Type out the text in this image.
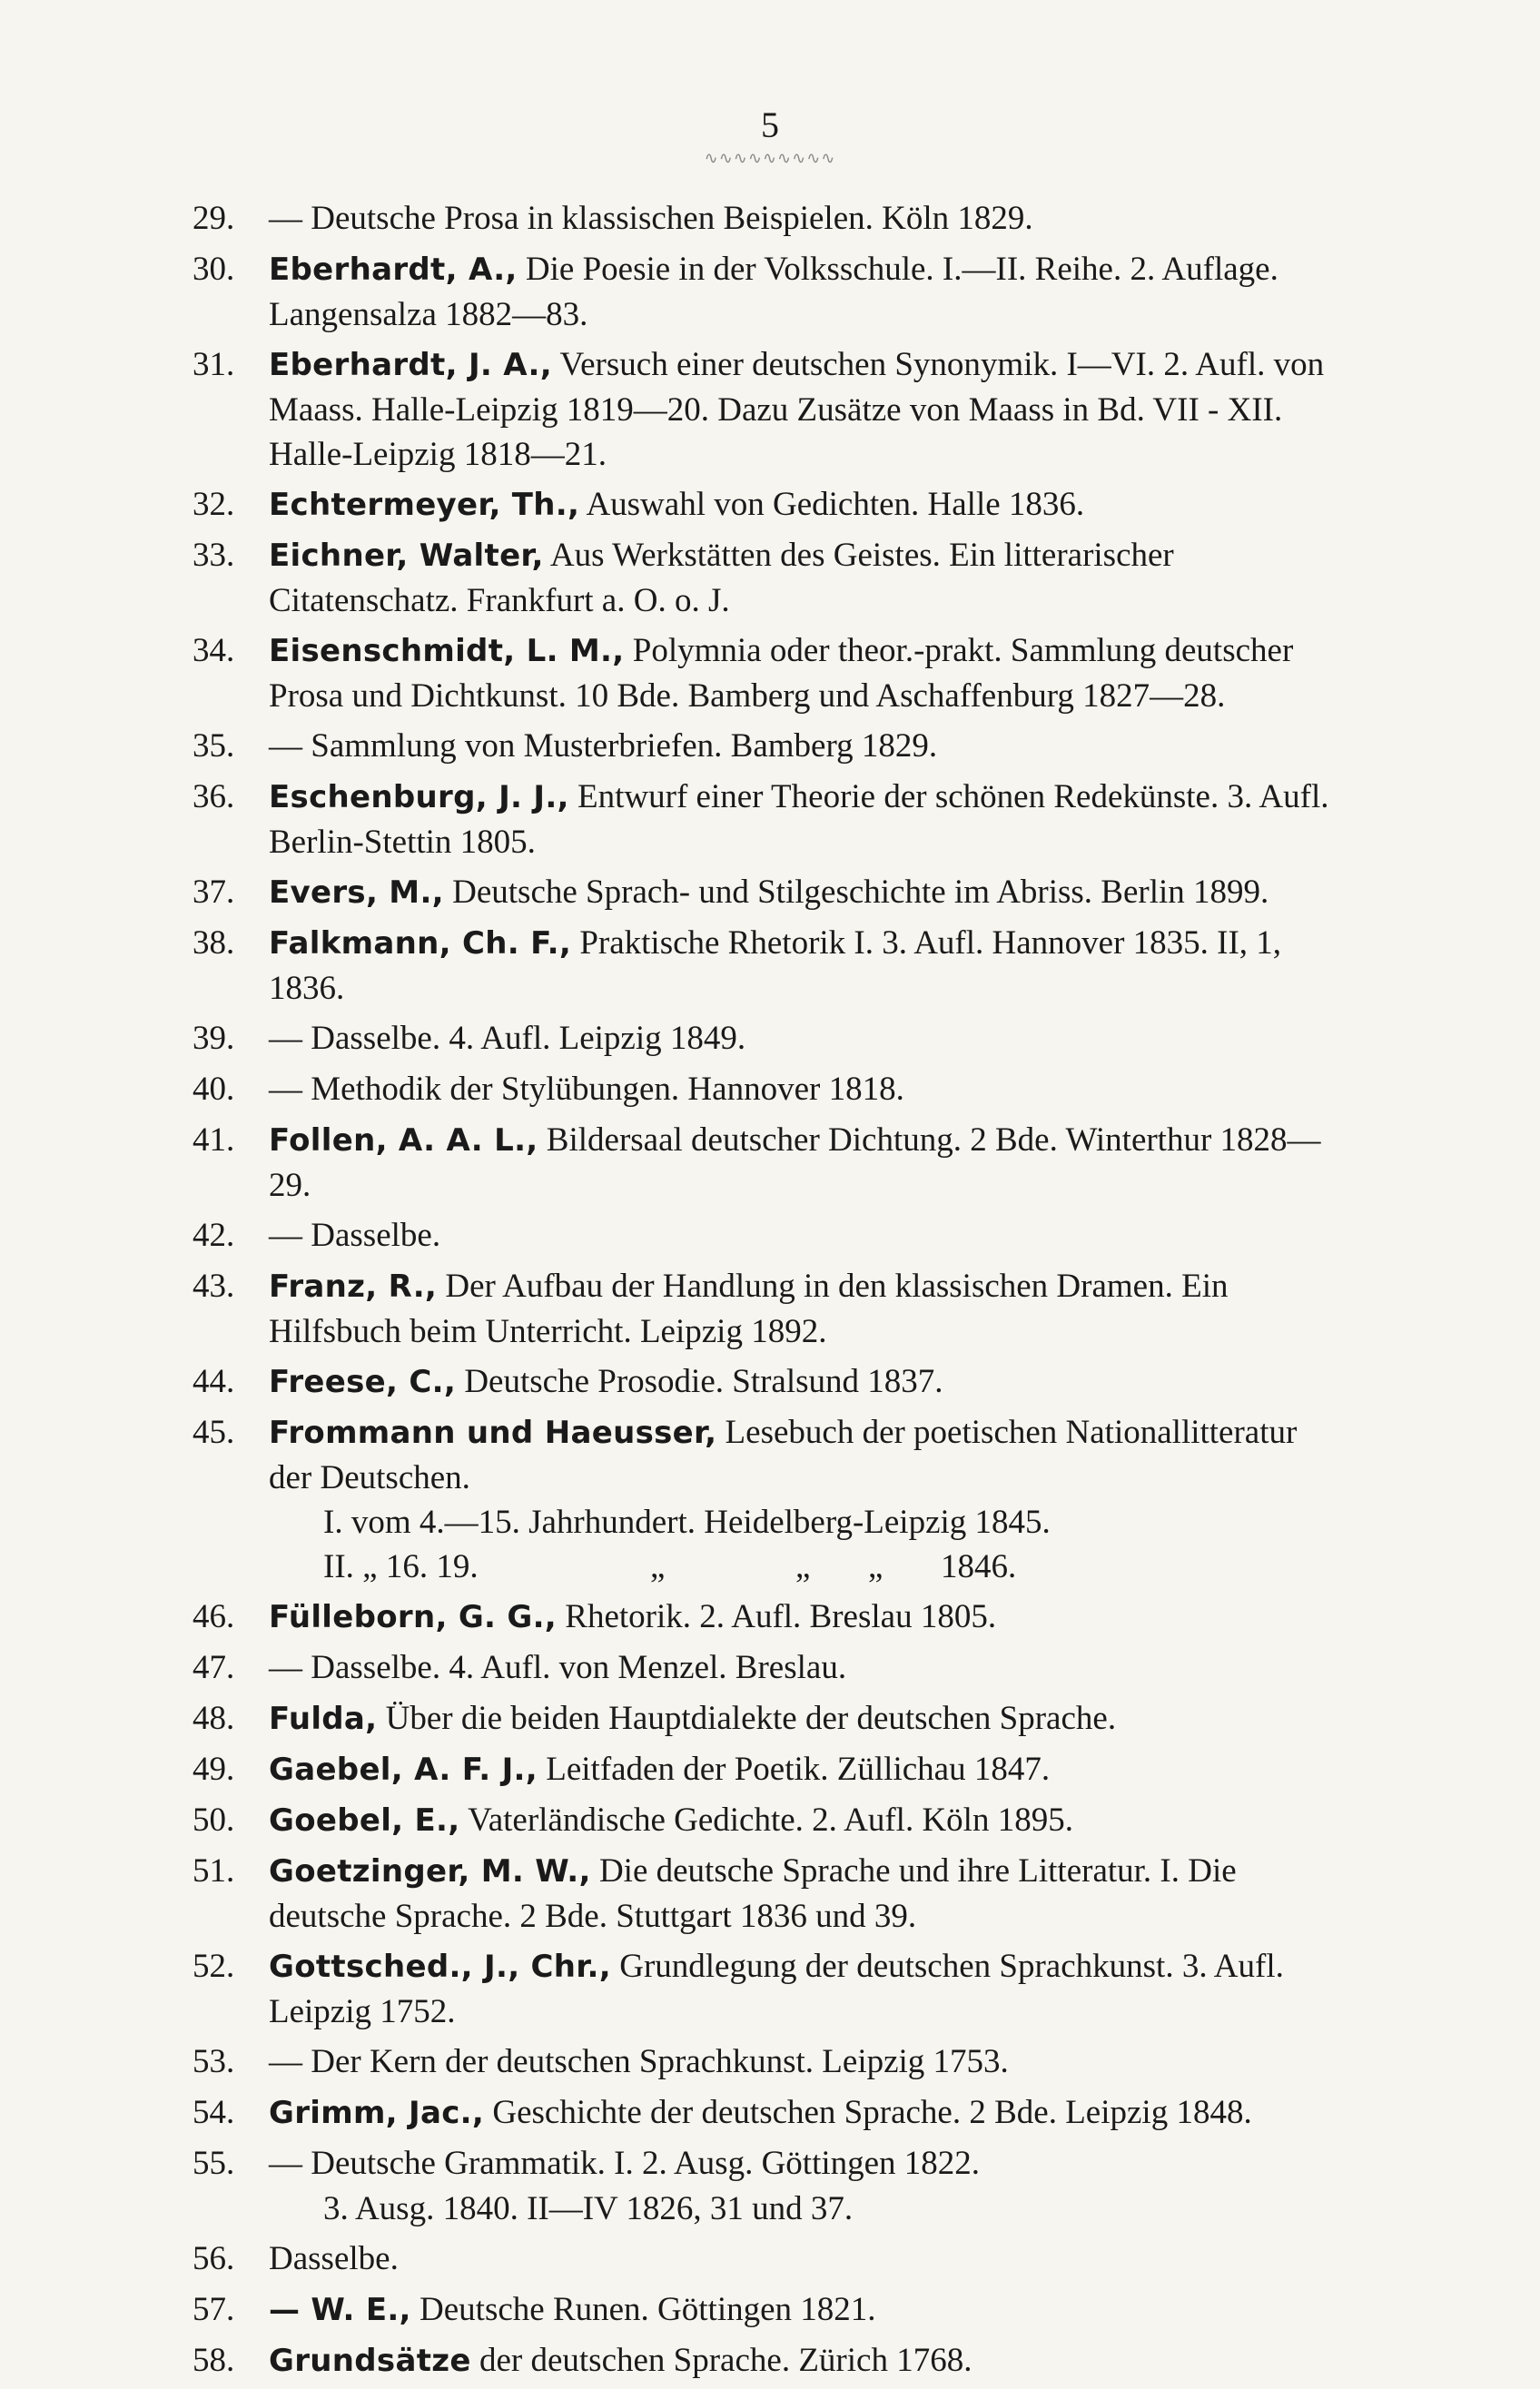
5
∿∿∿∿∿∿∿∿∿
29.	— Deutsche Prosa in klassischen Beispielen. Köln 1829.
30.	Eberhardt, A., Die Poesie in der Volksschule. I.—II. Reihe. 2. Auflage. Langensalza 1882—83.
31.	Eberhardt, J. A., Versuch einer deutschen Synonymik. I—VI. 2. Aufl. von Maass. Halle-Leipzig 1819—20. Dazu Zusätze von Maass in Bd. VII - XII. Halle-Leipzig 1818—21.
32.	Echtermeyer, Th., Auswahl von Gedichten. Halle 1836.
33.	Eichner, Walter, Aus Werkstätten des Geistes. Ein litterarischer Citatenschatz. Frankfurt a. O. o. J.
34.	Eisenschmidt, L. M., Polymnia oder theor.-prakt. Sammlung deutscher Prosa und Dichtkunst. 10 Bde. Bamberg und Aschaffenburg 1827—28.
35.	— Sammlung von Musterbriefen. Bamberg 1829.
36.	Eschenburg, J. J., Entwurf einer Theorie der schönen Redekünste. 3. Aufl. Berlin-Stettin 1805.
37.	Evers, M., Deutsche Sprach- und Stilgeschichte im Abriss. Berlin 1899.
38.	Falkmann, Ch. F., Praktische Rhetorik I. 3. Aufl. Hannover 1835. II, 1, 1836.
39.	— Dasselbe. 4. Aufl. Leipzig 1849.
40.	— Methodik der Stylübungen. Hannover 1818.
41.	Follen, A. A. L., Bildersaal deutscher Dichtung. 2 Bde. Winterthur 1828—29.
42.	— Dasselbe.
43.	Franz, R., Der Aufbau der Handlung in den klassischen Dramen. Ein Hilfsbuch beim Unterricht. Leipzig 1892.
44.	Freese, C., Deutsche Prosodie. Stralsund 1837.
45.	Frommann und Haeusser, Lesebuch der poetischen Nationallitteratur der Deutschen.
I. vom 4.—15. Jahrhundert. Heidelberg-Leipzig 1845.
II. „ 16. 19.	„	„	„	1846.
46.	Fülleborn, G. G., Rhetorik. 2. Aufl. Breslau 1805.
47.	— Dasselbe. 4. Aufl. von Menzel. Breslau.
48.	Fulda, Über die beiden Hauptdialekte der deutschen Sprache.
49.	Gaebel, A. F. J., Leitfaden der Poetik. Züllichau 1847.
50.	Goebel, E., Vaterländische Gedichte. 2. Aufl. Köln 1895.
51.	Goetzinger, M. W., Die deutsche Sprache und ihre Litteratur. I. Die deutsche Sprache. 2 Bde. Stuttgart 1836 und 39.
52.	Gottsched., J., Chr., Grundlegung der deutschen Sprachkunst. 3. Aufl. Leipzig 1752.
53.	— Der Kern der deutschen Sprachkunst. Leipzig 1753.
54.	Grimm, Jac., Geschichte der deutschen Sprache. 2 Bde. Leipzig 1848.
55.	— Deutsche Grammatik. I. 2. Ausg. Göttingen 1822.
3. Ausg. 1840. II—IV 1826, 31 und 37.
56.	Dasselbe.
57.	— W. E., Deutsche Runen. Göttingen 1821.
58.	Grundsätze der deutschen Sprache. Zürich 1768.
